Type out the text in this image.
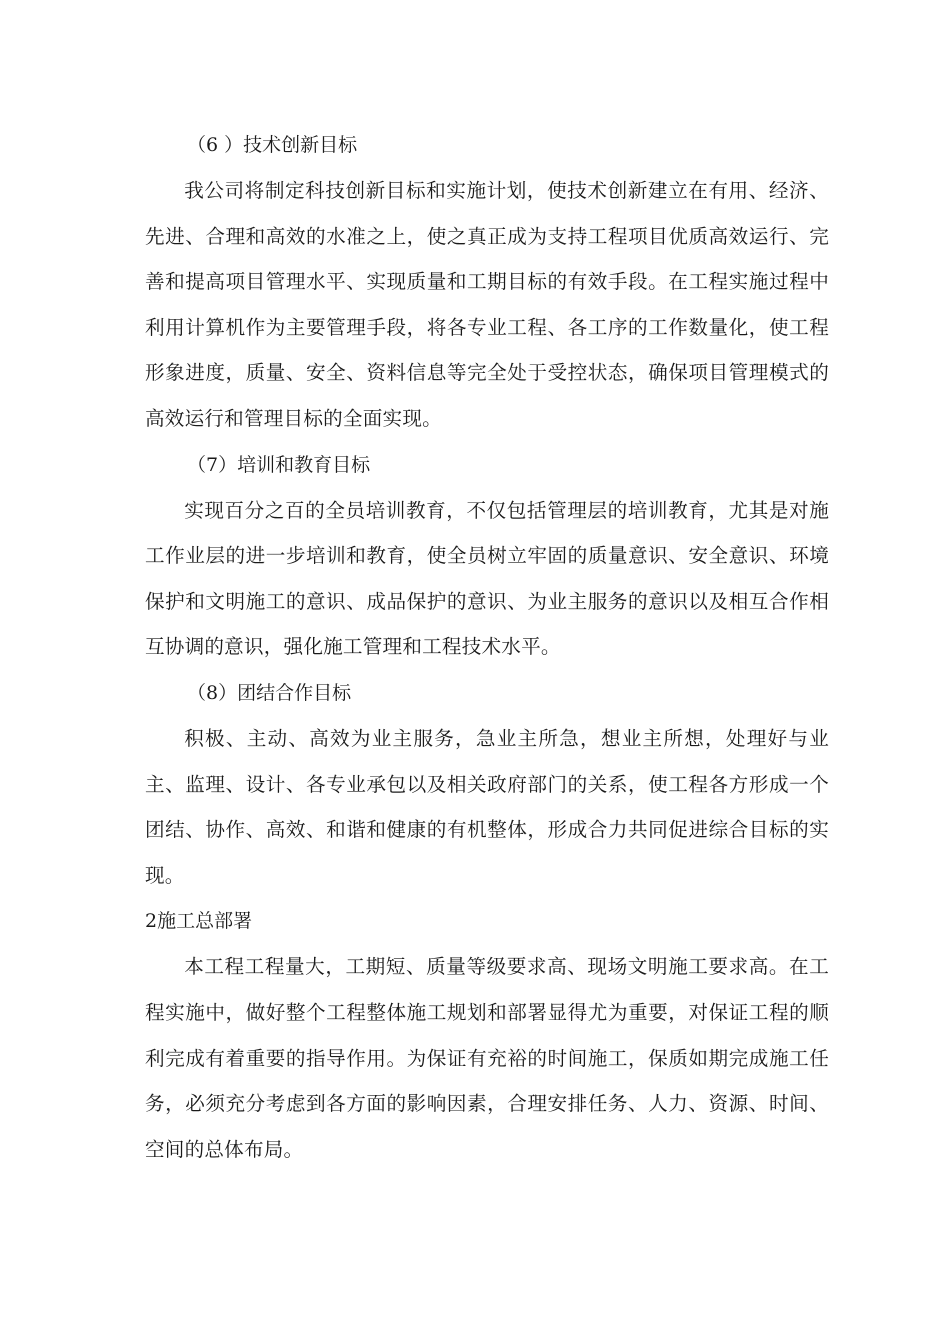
（6 ）技术创新目标

我公司将制定科技创新目标和实施计划，使技术创新建立在有用、经济、先进、合理和高效的水准之上，使之真正成为支持工程项目优质高效运行、完善和提高项目管理水平、实现质量和工期目标的有效手段。在工程实施过程中利用计算机作为主要管理手段，将各专业工程、各工序的工作数量化，使工程形象进度，质量、安全、资料信息等完全处于受控状态，确保项目管理模式的高效运行和管理目标的全面实现。

（7）培训和教育目标

实现百分之百的全员培训教育，不仅包括管理层的培训教育，尤其是对施工作业层的进一步培训和教育，使全员树立牢固的质量意识、安全意识、环境保护和文明施工的意识、成品保护的意识、为业主服务的意识以及相互合作相互协调的意识，强化施工管理和工程技术水平。

（8）团结合作目标

积极、主动、高效为业主服务，急业主所急，想业主所想，处理好与业主、监理、设计、各专业承包以及相关政府部门的关系，使工程各方形成一个团结、协作、高效、和谐和健康的有机整体，形成合力共同促进综合目标的实现。

2施工总部署

本工程工程量大，工期短、质量等级要求高、现场文明施工要求高。在工程实施中，做好整个工程整体施工规划和部署显得尤为重要，对保证工程的顺利完成有着重要的指导作用。为保证有充裕的时间施工，保质如期完成施工任务，必须充分考虑到各方面的影响因素，合理安排任务、人力、资源、时间、空间的总体布局。
